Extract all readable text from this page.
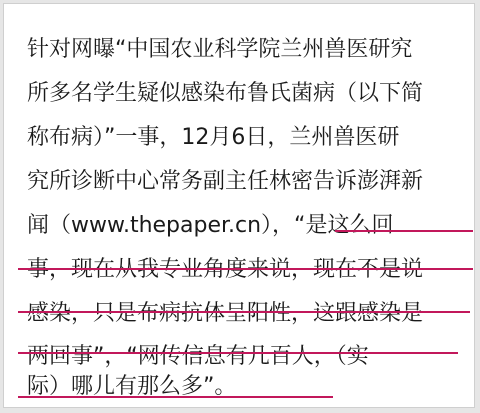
针对网曝“中国农业科学院兰州兽医研究

所多名学生疑似感染布鲁氏菌病（以下简

称布病）”一事，12月6日，兰州兽医研

究所诊断中心常务副主任林密告诉澎湃新

闻（www.thepaper.cn），“是这么回

事，现在从我专业角度来说，现在不是说

感染，只是布病抗体呈阳性，这跟感染是

两回事”，“网传信息有几百人，（实

际）哪儿有那么多”。
